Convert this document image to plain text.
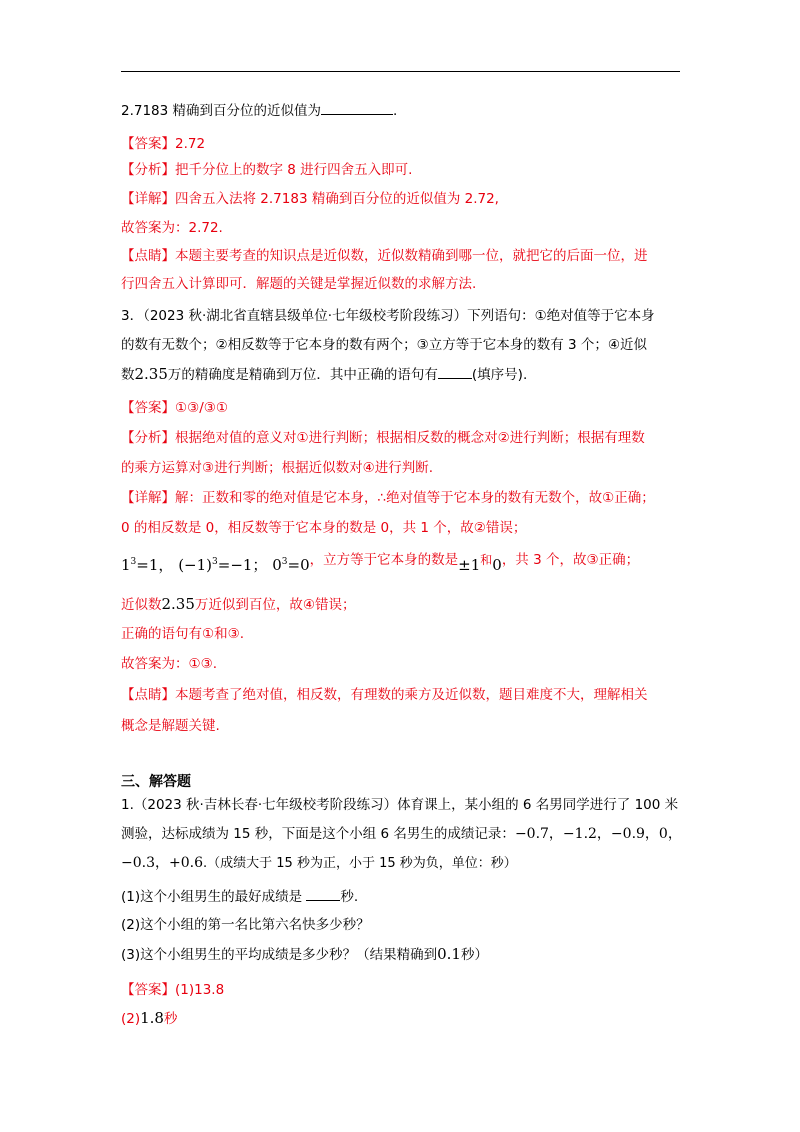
2.7183 精确到百分位的近似值为	.
【答案】2.72
【分析】把千分位上的数字 8 进行四舍五入即可.
【详解】四舍五入法将 2.7183 精确到百分位的近似值为 2.72,
故答案为：2.72.
【点睛】本题主要考查的知识点是近似数，近似数精确到哪一位，就把它的后面一位，进
行四舍五入计算即可．解题的关键是掌握近似数的求解方法.
3．（2023 秋·湖北省直辖县级单位·七年级校考阶段练习）下列语句：①绝对值等于它本身
的数有无数个；②相反数等于它本身的数有两个；③立方等于它本身的数有 3 个；④近似
数2.35万的精确度是精确到万位．其中正确的语句有	(填序号).
【答案】①③/③①
【分析】根据绝对值的意义对①进行判断；根据相反数的概念对②进行判断；根据有理数
的乘方运算对③进行判断；根据近似数对④进行判断.
【详解】解：正数和零的绝对值是它本身，∴绝对值等于它本身的数有无数个，故①正确；
0 的相反数是 0，相反数等于它本身的数是 0，共 1 个，故②错误；
$1^3=1$， $(-1)^3=-1$； $0^3=0$，立方等于它本身的数是±1和0，共 3 个，故③正确；
近似数2.35万近似到百位，故④错误；
正确的语句有①和③.
故答案为：①③.
【点睛】本题考查了绝对值，相反数，有理数的乘方及近似数，题目难度不大，理解相关
概念是解题关键.
三、解答题
1.（2023 秋·吉林长春·七年级校考阶段练习）体育课上，某小组的 6 名男同学进行了 100 米
测验，达标成绩为 15 秒，下面是这个小组 6 名男生的成绩记录：−0.7，−1.2，−0.9，0，
−0.3，+0.6.（成绩大于 15 秒为正，小于 15 秒为负，单位：秒）
(1)这个小组男生的最好成绩是	秒.
(2)这个小组的第一名比第六名快多少秒？
(3)这个小组男生的平均成绩是多少秒？（结果精确到0.1秒）
【答案】(1)13.8
(2)1.8秒
